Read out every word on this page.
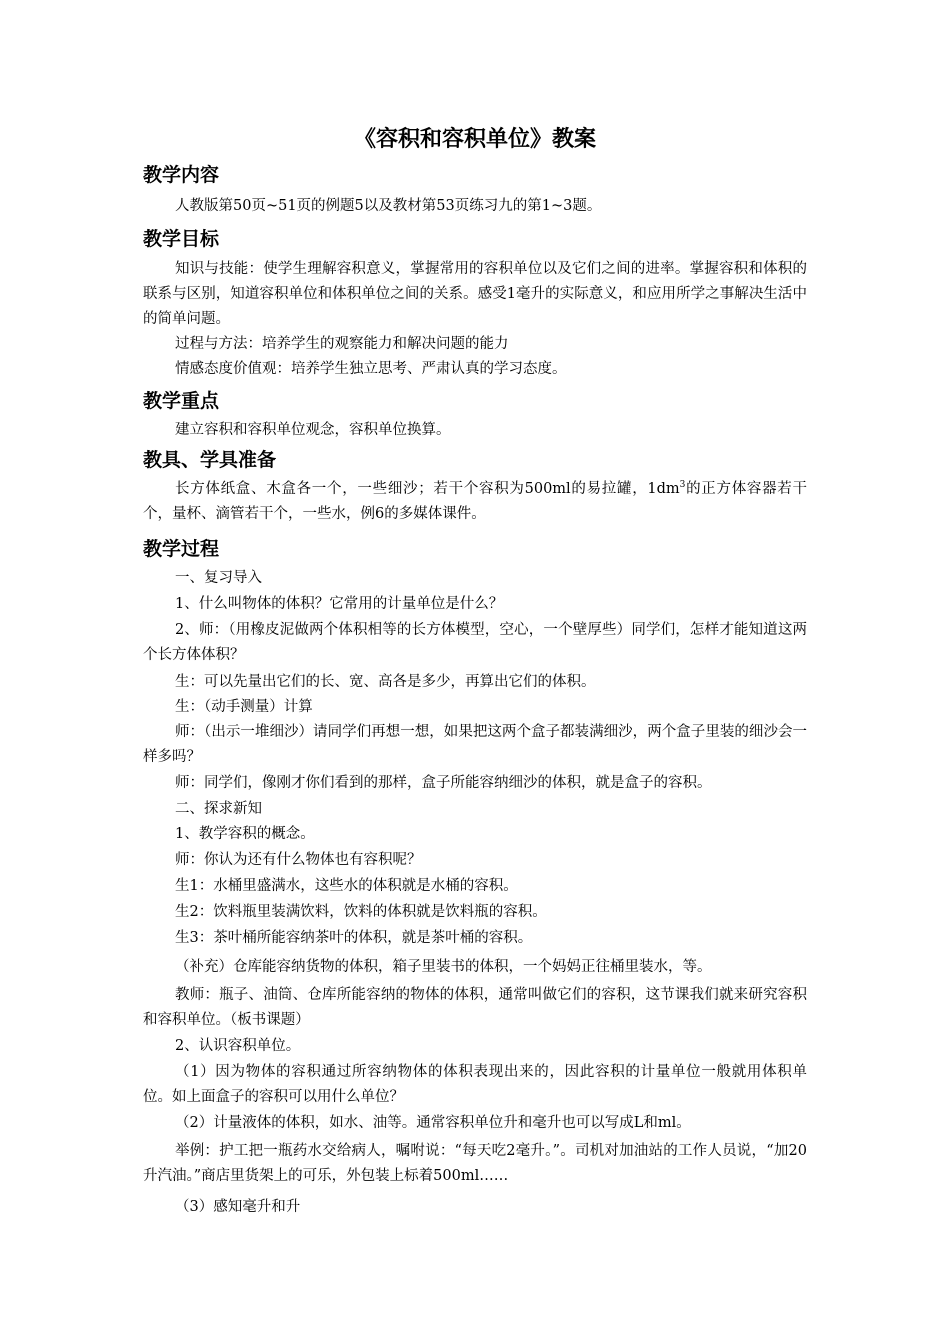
《容积和容积单位》教案
教学内容
人教版第50页~51页的例题5以及教材第53页练习九的第1~3题。
教学目标
知识与技能：使学生理解容积意义，掌握常用的容积单位以及它们之间的进率。掌握容积和体积的联系与区别，知道容积单位和体积单位之间的关系。感受1毫升的实际意义，和应用所学之事解决生活中的简单问题。
过程与方法：培养学生的观察能力和解决问题的能力
情感态度价值观：培养学生独立思考、严肃认真的学习态度。
教学重点
建立容积和容积单位观念，容积单位换算。
教具、学具准备
长方体纸盒、木盒各一个，一些细沙；若干个容积为500ml的易拉罐，$1dm^3$的正方体容器若干个，量杯、滴管若干个，一些水，例6的多媒体课件。
教学过程
一、复习导入
1、什么叫物体的体积？它常用的计量单位是什么？
2、师：（用橡皮泥做两个体积相等的长方体模型，空心，一个壁厚些）同学们，怎样才能知道这两个长方体体积？
生：可以先量出它们的长、宽、高各是多少，再算出它们的体积。
生：（动手测量）计算
师：（出示一堆细沙）请同学们再想一想，如果把这两个盒子都装满细沙，两个盒子里装的细沙会一样多吗？
师：同学们，像刚才你们看到的那样，盒子所能容纳细沙的体积，就是盒子的容积。
二、探求新知
1、教学容积的概念。
师：你认为还有什么物体也有容积呢？
生1：水桶里盛满水，这些水的体积就是水桶的容积。
生2：饮料瓶里装满饮料，饮料的体积就是饮料瓶的容积。
生3：茶叶桶所能容纳茶叶的体积，就是茶叶桶的容积。
（补充）仓库能容纳货物的体积，箱子里装书的体积，一个妈妈正往桶里装水，等。
教师：瓶子、油筒、仓库所能容纳的物体的体积，通常叫做它们的容积，这节课我们就来研究容积和容积单位。（板书课题）
2、认识容积单位。
（1）因为物体的容积通过所容纳物体的体积表现出来的，因此容积的计量单位一般就用体积单位。如上面盒子的容积可以用什么单位？
（2）计量液体的体积，如水、油等。通常容积单位升和毫升也可以写成L和ml。
举例：护工把一瓶药水交给病人，嘱咐说：“每天吃2毫升。”。司机对加油站的工作人员说，“加20升汽油。”商店里货架上的可乐，外包装上标着500ml……
（3）感知毫升和升
